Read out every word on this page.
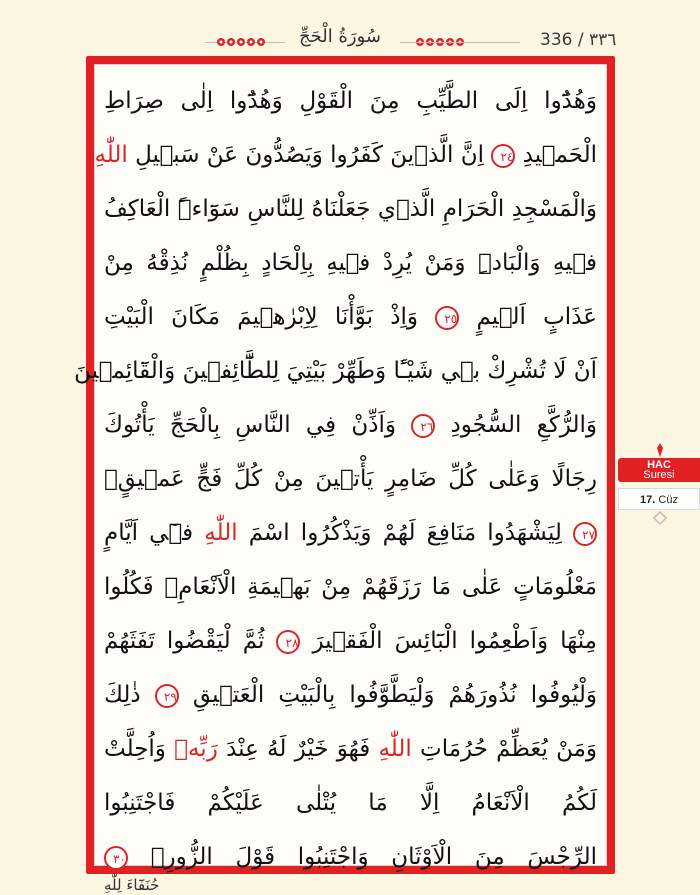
سُورَةُ الْحَجِّ	336 / ٣٣٦
وَهُدُٓوا اِلَى الطَّيِّبِ مِنَ الْقَوْلِ وَهُدُٓوا اِلٰى صِرَاطِ
الْحَم۪يدِ ٢٤ اِنَّ الَّذ۪ينَ كَفَرُوا وَيَصُدُّونَ عَنْ سَب۪يلِ اللّٰهِ
وَالْمَسْجِدِ الْحَرَامِ الَّذ۪ي جَعَلْنَاهُ لِلنَّاسِ سَوَٓاءًۨ الْعَاكِفُ
ف۪يهِ وَالْبَادِۜ وَمَنْ يُرِدْ ف۪يهِ بِاِلْحَادٍ بِظُلْمٍ نُذِقْهُ مِنْ
عَذَابٍ اَل۪يمٍ ٢٥ وَاِذْ بَوَّأْنَا لِاِبْرٰه۪يمَ مَكَانَ الْبَيْتِ
اَنْ لَا تُشْرِكْ ب۪ي شَيْـًٔا وَطَهِّرْ بَيْتِيَ لِلطَّٓائِف۪ينَ وَالْقَٓائِم۪ينَ
وَالرُّكَّعِ السُّجُودِ ٢٦ وَاَذِّنْ فِي النَّاسِ بِالْحَجِّ يَأْتُوكَ
رِجَالًا وَعَلٰى كُلِّ ضَامِرٍ يَأْت۪ينَ مِنْ كُلِّ فَجٍّ عَم۪يقٍۙ
٢٧ لِيَشْهَدُوا مَنَافِعَ لَهُمْ وَيَذْكُرُوا اسْمَ اللّٰهِ ف۪ٓي اَيَّامٍ
مَعْلُومَاتٍ عَلٰى مَا رَزَقَهُمْ مِنْ بَه۪يمَةِ الْاَنْعَامِۚ فَكُلُوا
مِنْهَا وَاَطْعِمُوا الْبَٓائِسَ الْفَق۪يرَ ٢٨ ثُمَّ لْيَقْضُوا تَفَثَهُمْ
وَلْيُوفُوا نُذُورَهُمْ وَلْيَطَّوَّفُوا بِالْبَيْتِ الْعَت۪يقِ ٢٩ ذٰلِكَ
وَمَنْ يُعَظِّمْ حُرُمَاتِ اللّٰهِ فَهُوَ خَيْرٌ لَهُ عِنْدَ رَبِّه۪ وَاُحِلَّتْ
لَكُمُ الْاَنْعَامُ اِلَّا مَا يُتْلٰى عَلَيْكُمْ فَاجْتَنِبُوا
الرِّجْسَ مِنَ الْاَوْثَانِ وَاجْتَنِبُوا قَوْلَ الزُّورِۙ ٣٠
حُنَفَٓاءَ لِلّٰهِ
HAC
Suresi
17. Cüz
